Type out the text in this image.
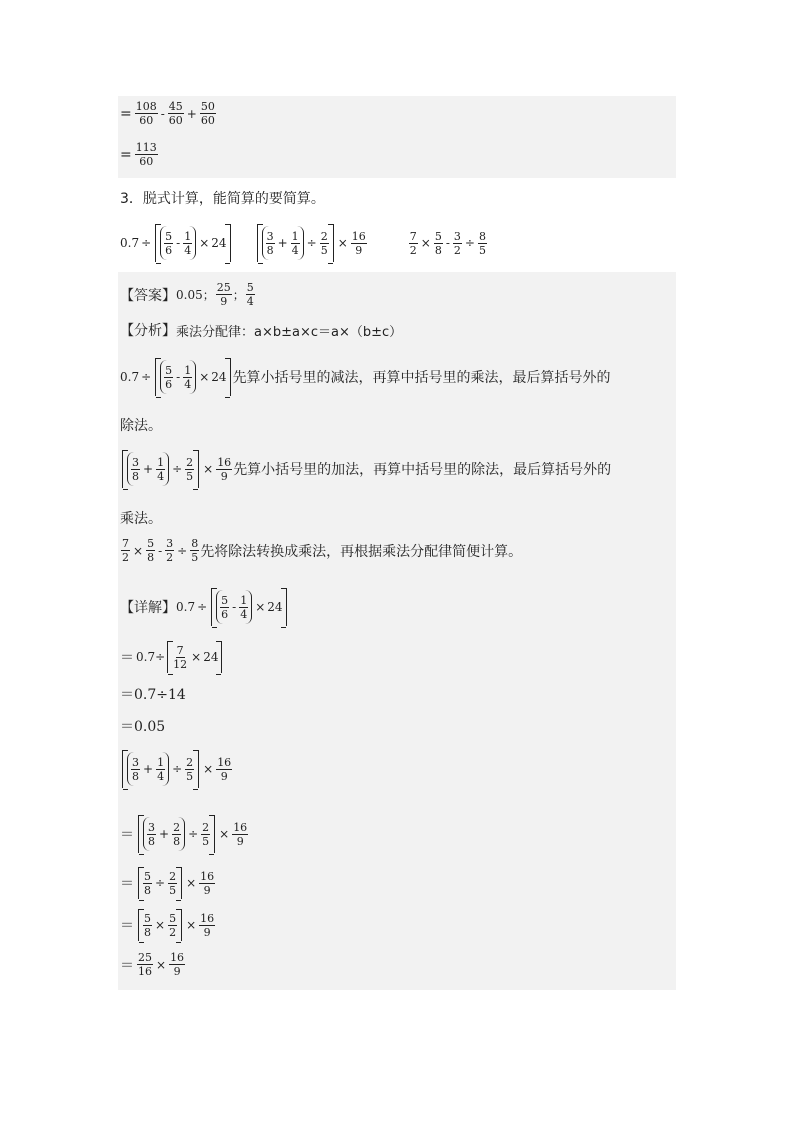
= $\frac{108}{60} - \frac{45}{60} + \frac{50}{60}$
= $\frac{113}{60}$
3．脱式计算，能简算的要简算。
$0.7 \div \frac{5}{6} - \frac{1}{4} \times 24$	$\frac{3}{8} + \frac{1}{4} \div \frac{2}{5} \times \frac{16}{9}$	$\frac{7}{2} \times \frac{5}{8} - \frac{3}{2} \div \frac{8}{5}$
【答案】 0.05； $\frac{25}{9}$ ； $\frac{5}{4}$
【分析】 乘法分配律：a×b±a×c＝a×（b±c）
$0.7 \div \frac{5}{6} - \frac{1}{4} \times 24$ 先算小括号里的减法，再算中括号里的乘法，最后算括号外的
除法。
$\frac{3}{8} + \frac{1}{4} \div \frac{2}{5} \times \frac{16}{9}$ 先算小括号里的加法，再算中括号里的除法，最后算括号外的
乘法。
$\frac{7}{2} \times \frac{5}{8} - \frac{3}{2} \div \frac{8}{5}$ 先将除法转换成乘法，再根据乘法分配律简便计算。
【详解】 $0.7 \div \frac{5}{6} - \frac{1}{4} \times 24$
＝ $0.7\div \frac{7}{12} \times 24$
＝0.7÷14
＝0.05
$\frac{3}{8} + \frac{1}{4} \div \frac{2}{5} \times \frac{16}{9}$
＝ $\frac{3}{8} + \frac{2}{8} \div \frac{2}{5} \times \frac{16}{9}$
＝ $\frac{5}{8} \div \frac{2}{5} \times \frac{16}{9}$
＝ $\frac{5}{8} \times \frac{5}{2} \times \frac{16}{9}$
＝ $\frac{25}{16} \times \frac{16}{9}$
